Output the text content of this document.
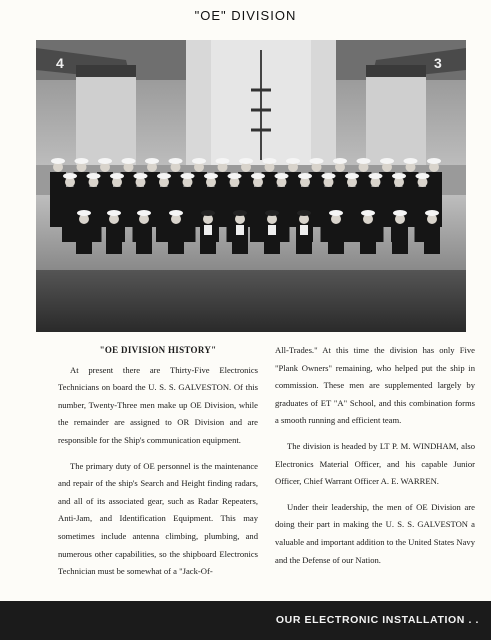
"OE" DIVISION
4	3
"OE DIVISION HISTORY"

At present there are Thirty-Five Electronics Technicians on board the U. S. S. GALVESTON. Of this number, Twenty-Three men make up OE Division, while the remainder are assigned to OR Division and are responsible for the Ship's communication equipment.

The primary duty of OE personnel is the maintenance and repair of the ship's Search and Height finding radars, and all of its associated gear, such as Radar Repeaters, Anti-Jam, and Identification Equipment. This may sometimes include antenna climbing, plumbing, and numerous other capabilities, so the shipboard Electronics Technician must be somewhat of a "Jack-Of-

All-Trades." At this time the division has only Five "Plank Owners" remaining, who helped put the ship in commission. These men are supplemented largely by graduates of ET "A" School, and this combination forms a smooth running and efficient team.

The division is headed by LT P. M. WINDHAM, also Electronics Material Officer, and his capable Junior Officer, Chief Warrant Officer A. E. WARREN.

Under their leadership, the men of OE Division are doing their part in making the U. S. S. GALVESTON a valuable and important addition to the United States Navy and the Defense of our Nation.

OUR ELECTRONIC INSTALLATION . .
